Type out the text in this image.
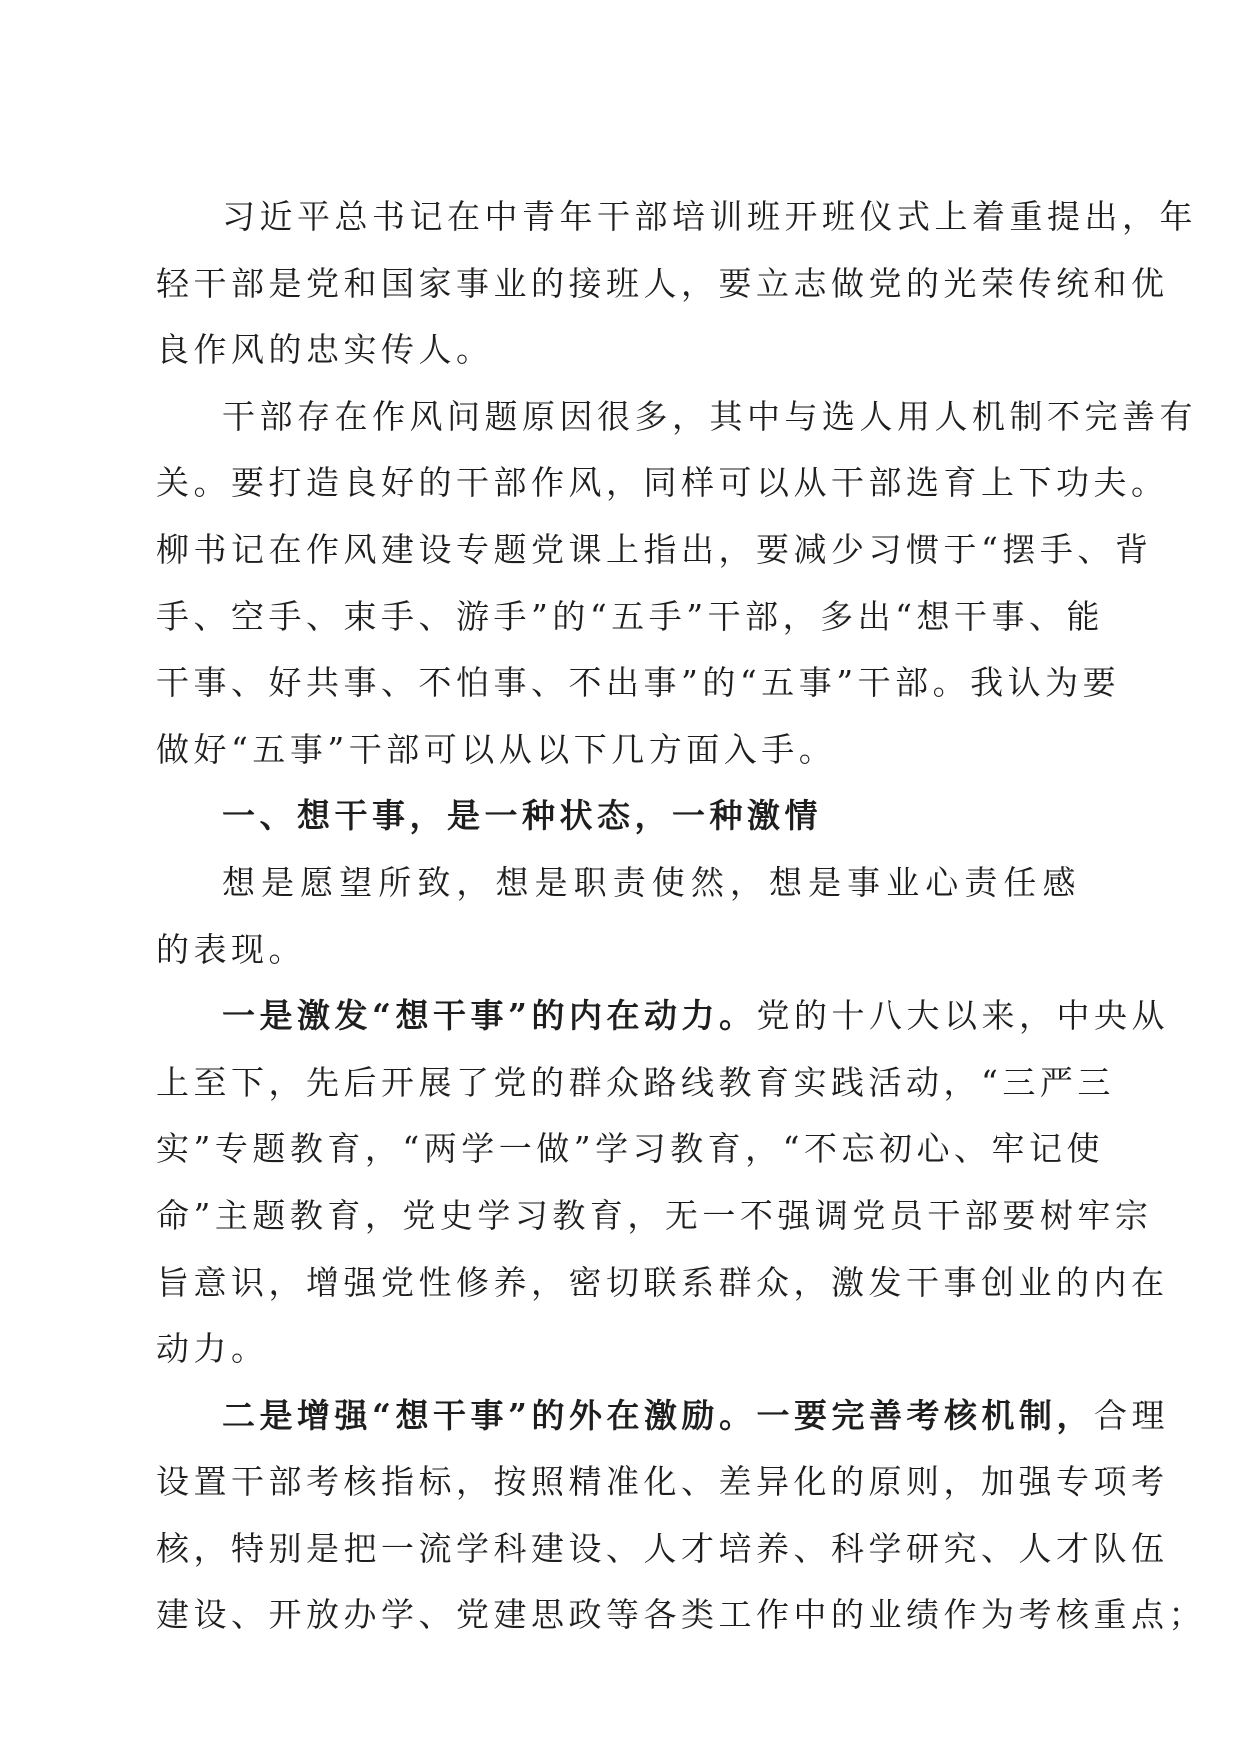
习近平总书记在中青年干部培训班开班仪式上着重提出，年
轻干部是党和国家事业的接班人，要立志做党的光荣传统和优
良作风的忠实传人。

干部存在作风问题原因很多，其中与选人用人机制不完善有
关。要打造良好的干部作风，同样可以从干部选育上下功夫。
柳书记在作风建设专题党课上指出，要减少习惯于“摆手、背
手、空手、束手、游手”的“五手”干部，多出“想干事、能
干事、好共事、不怕事、不出事”的“五事”干部。我认为要
做好“五事”干部可以从以下几方面入手。

一、想干事，是一种状态，一种激情

想是愿望所致，想是职责使然，想是事业心责任感的表现。

一是激发“想干事”的内在动力。党的十八大以来，中央从
上至下，先后开展了党的群众路线教育实践活动，“三严三
实”专题教育，“两学一做”学习教育，“不忘初心、牢记使
命”主题教育，党史学习教育，无一不强调党员干部要树牢宗
旨意识，增强党性修养，密切联系群众，激发干事创业的内在
动力。

二是增强“想干事”的外在激励。一要完善考核机制，合理
设置干部考核指标，按照精准化、差异化的原则，加强专项考
核，特别是把一流学科建设、人才培养、科学研究、人才队伍
建设、开放办学、党建思政等各类工作中的业绩作为考核重点；
